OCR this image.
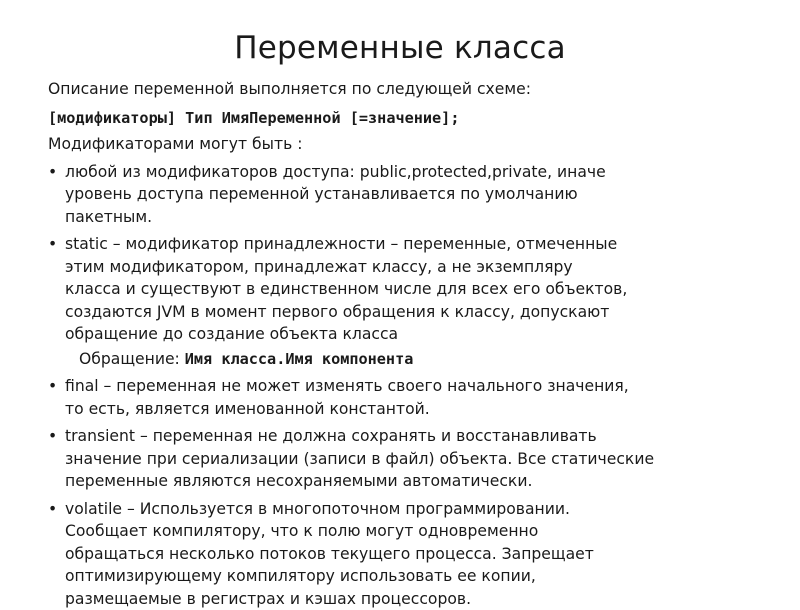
Переменные класса

Описание переменной выполняется по следующей схеме:

[модификаторы] Тип ИмяПеременной [=значение];

Модификаторами могут быть :

• любой из модификаторов доступа: public,protected,private, иначе
уровень доступа переменной устанавливается по умолчанию
пакетным.
• static – модификатор принадлежности – переменные, отмеченные
этим модификатором, принадлежат классу, а не экземпляру
класса и существуют в единственном числе для всех его объектов,
создаются JVM в момент первого обращения к классу, допускают
обращение до создание объекта класса

Обращение: Имя класса.Имя компонента

• final – переменная не может изменять своего начального значения,
то есть, является именованной константой.
• transient – переменная не должна сохранять и восстанавливать
значение при сериализации (записи в файл) объекта. Все статические
переменные являются несохраняемыми автоматически.
• volatile – Используется в многопоточном программировании.
Сообщает компилятору, что к полю могут одновременно
обращаться несколько потоков текущего процесса. Запрещает
оптимизирующему компилятору использовать ее копии,
размещаемые в регистрах и кэшах процессоров.
